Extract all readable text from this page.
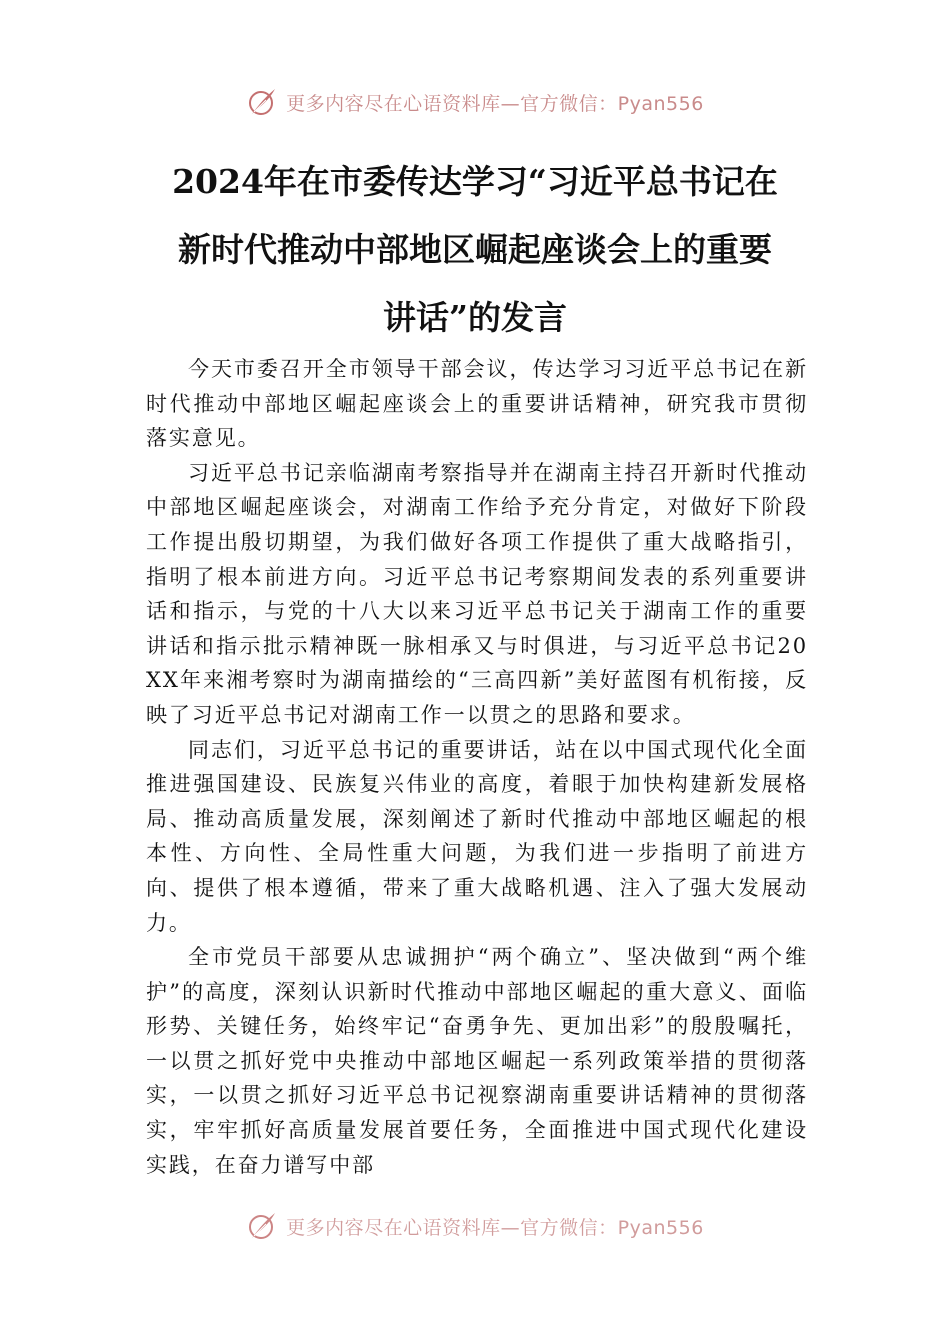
更多内容尽在心语资料库—官方微信：Pyan556
2024年在市委传达学习“习近平总书记在
新时代推动中部地区崛起座谈会上的重要
讲话”的发言

今天市委召开全市领导干部会议，传达学习习近平总书记在新时代推动中部地区崛起座谈会上的重要讲话精神，研究我市贯彻落实意见。

习近平总书记亲临湖南考察指导并在湖南主持召开新时代推动中部地区崛起座谈会，对湖南工作给予充分肯定，对做好下阶段工作提出殷切期望，为我们做好各项工作提供了重大战略指引，指明了根本前进方向。习近平总书记考察期间发表的系列重要讲话和指示，与党的十八大以来习近平总书记关于湖南工作的重要讲话和指示批示精神既一脉相承又与时俱进，与习近平总书记20XX年来湘考察时为湖南描绘的“三高四新”美好蓝图有机衔接，反映了习近平总书记对湖南工作一以贯之的思路和要求。

同志们，习近平总书记的重要讲话，站在以中国式现代化全面推进强国建设、民族复兴伟业的高度，着眼于加快构建新发展格局、推动高质量发展，深刻阐述了新时代推动中部地区崛起的根本性、方向性、全局性重大问题，为我们进一步指明了前进方向、提供了根本遵循，带来了重大战略机遇、注入了强大发展动力。

全市党员干部要从忠诚拥护“两个确立”、坚决做到“两个维护”的高度，深刻认识新时代推动中部地区崛起的重大意义、面临形势、关键任务，始终牢记“奋勇争先、更加出彩”的殷殷嘱托，一以贯之抓好党中央推动中部地区崛起一系列政策举措的贯彻落实，一以贯之抓好习近平总书记视察湖南重要讲话精神的贯彻落实，牢牢抓好高质量发展首要任务，全面推进中国式现代化建设实践，在奋力谱写中部

更多内容尽在心语资料库—官方微信：Pyan556
